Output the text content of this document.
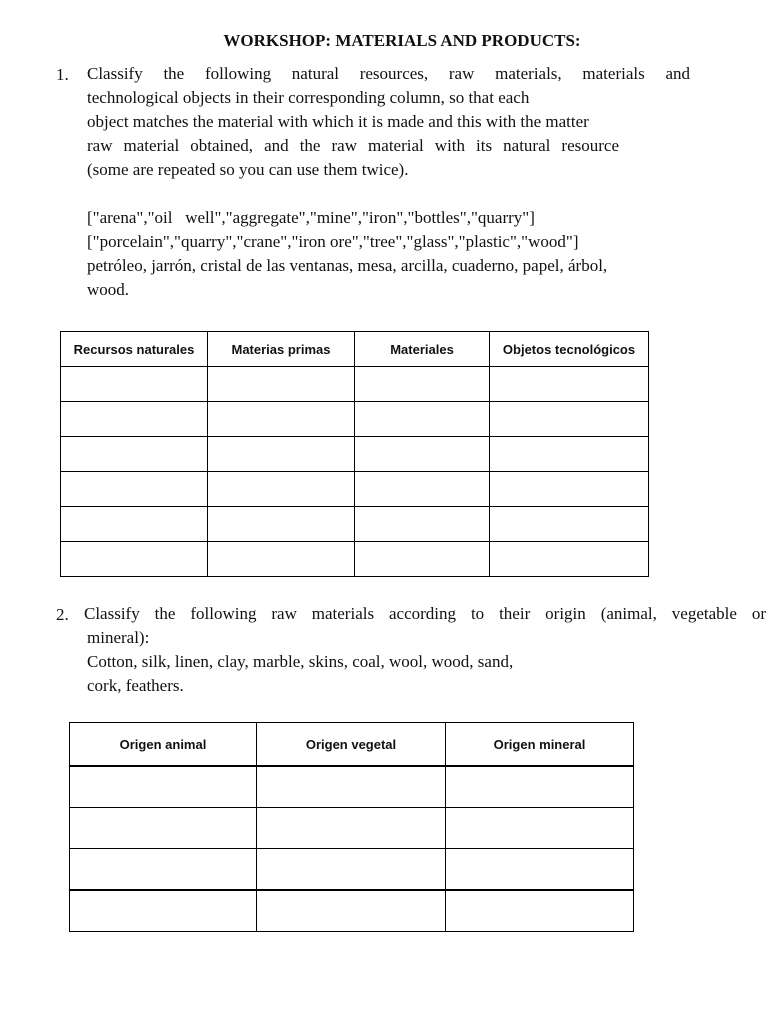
WORKSHOP: MATERIALS AND PRODUCTS:
1. Classify the following natural resources, raw materials, materials and
technological objects in their corresponding column, so that each
object matches the material with which it is made and this with the matter
raw material obtained, and the raw material with its natural resource
(some are repeated so you can use them twice).
["arena","oil   well","aggregate","mine","iron","bottles","quarry"]
["porcelain","quarry","crane","iron ore","tree","glass","plastic","wood"]
petróleo, jarrón, cristal de las ventanas, mesa, arcilla, cuaderno, papel, árbol,
wood.
Recursos naturales	Materias primas	Materiales	Objetos tecnológicos

2. Classify the following raw materials according to their origin (animal, vegetable or
mineral):
Cotton, silk, linen, clay, marble, skins, coal, wool, wood, sand,
cork, feathers.
Origen animal	Origen vegetal	Origen mineral
